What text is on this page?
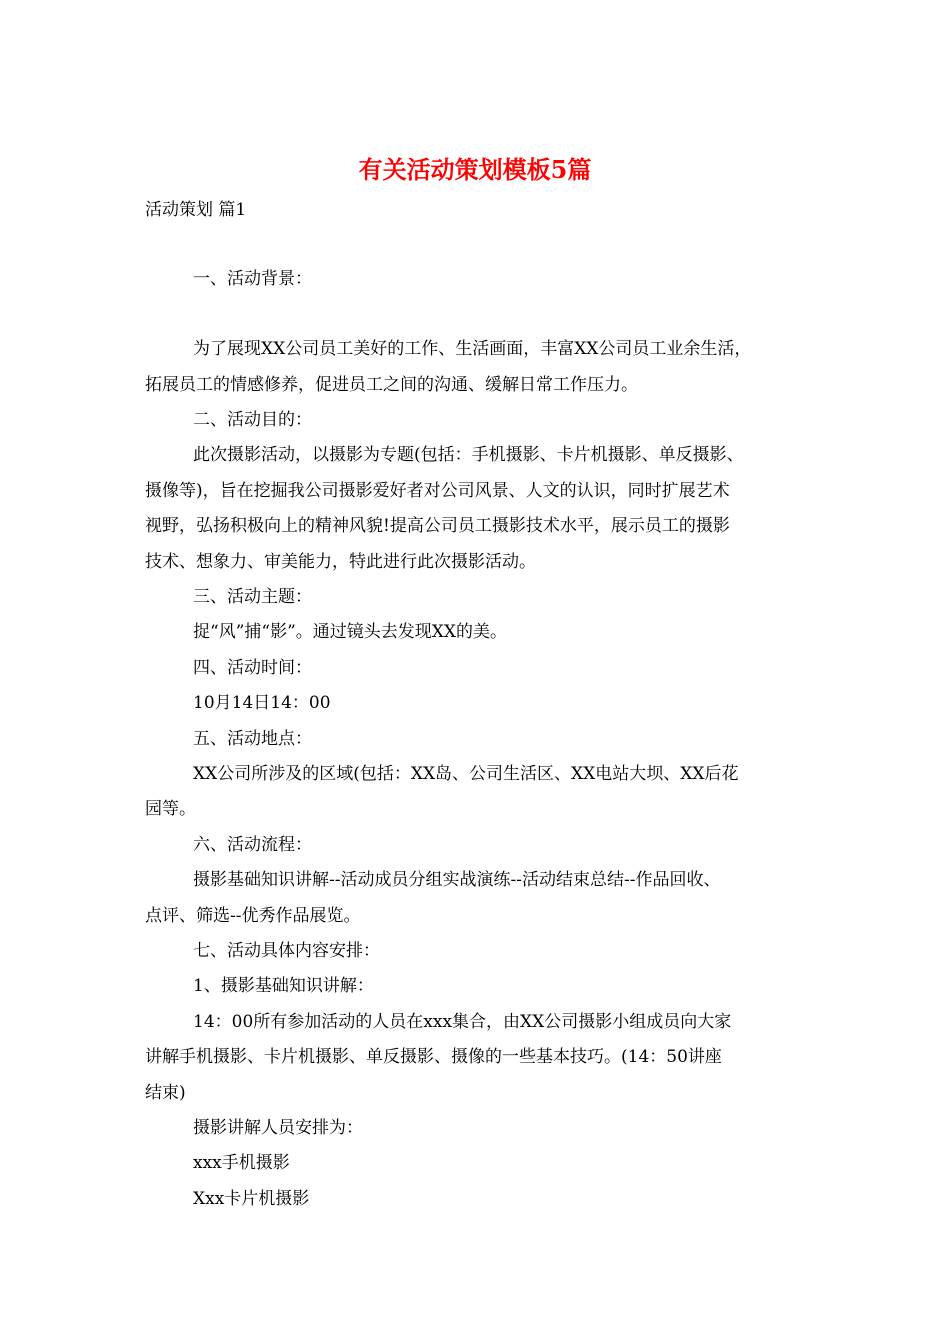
有关活动策划模板5篇
活动策划 篇1
一、活动背景：
为了展现XX公司员工美好的工作、生活画面，丰富XX公司员工业余生活，
拓展员工的情感修养，促进员工之间的沟通、缓解日常工作压力。
二、活动目的：
此次摄影活动，以摄影为专题(包括：手机摄影、卡片机摄影、单反摄影、
摄像等)，旨在挖掘我公司摄影爱好者对公司风景、人文的认识，同时扩展艺术
视野，弘扬积极向上的精神风貌!提高公司员工摄影技术水平，展示员工的摄影
技术、想象力、审美能力，特此进行此次摄影活动。
三、活动主题：
捉“风”捕“影”。通过镜头去发现XX的美。
四、活动时间：
10月14日14：00
五、活动地点：
XX公司所涉及的区域(包括：XX岛、公司生活区、XX电站大坝、XX后花
园等。
六、活动流程：
摄影基础知识讲解--活动成员分组实战演练--活动结束总结--作品回收、
点评、筛选--优秀作品展览。
七、活动具体内容安排：
1、摄影基础知识讲解：
14：00所有参加活动的人员在xxx集合，由XX公司摄影小组成员向大家
讲解手机摄影、卡片机摄影、单反摄影、摄像的一些基本技巧。(14：50讲座
结束)
摄影讲解人员安排为：
xxx手机摄影
Xxx卡片机摄影
